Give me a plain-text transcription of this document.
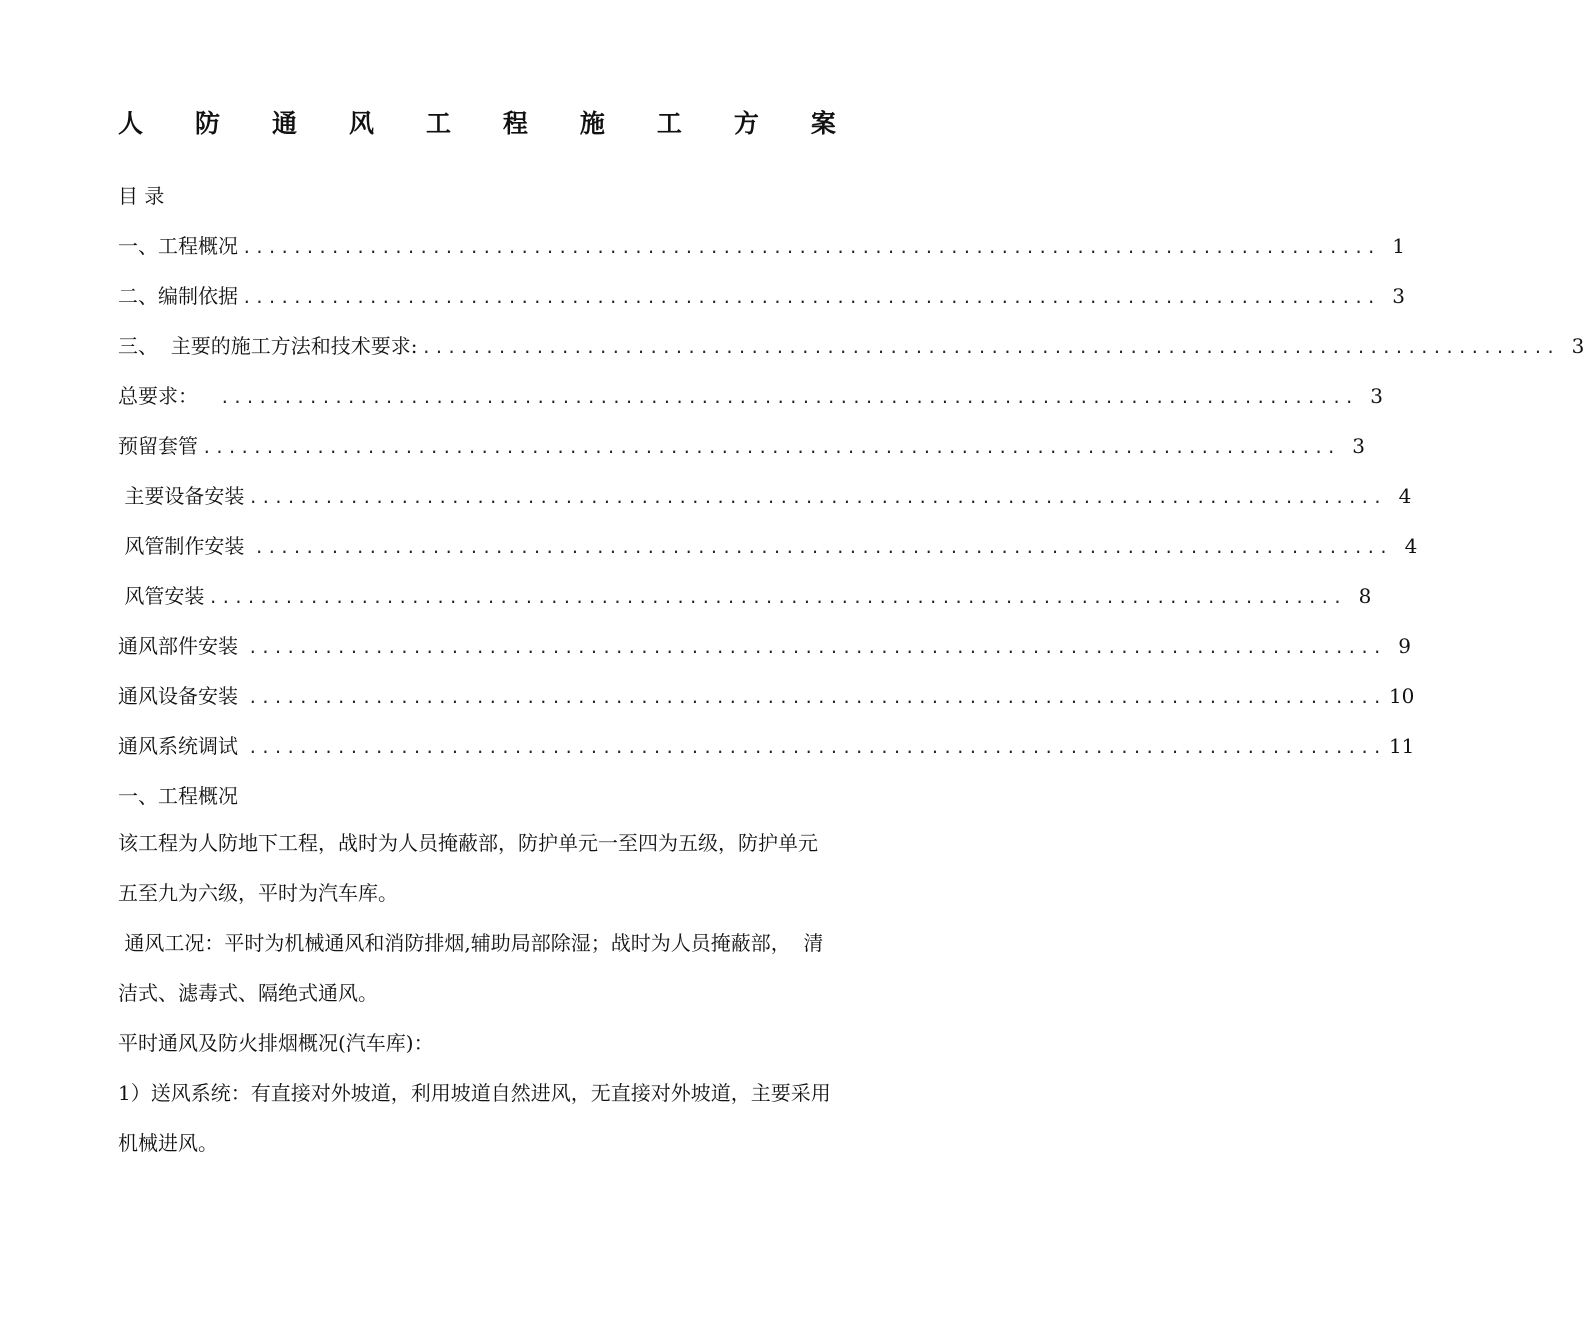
人 防 通 风 工 程 施 工 方 案
目 录
一、工程概况 .......................................................................................... 1
二、编制依据 .......................................................................................... 3
三、  主要的施工方法和技术要求: .......................................................................................... 3
总要求： .......................................................................................... 3
预留套管 .......................................................................................... 3
主要设备安装 .......................................................................................... 4
风管制作安装 .......................................................................................... 4
风管安装 .......................................................................................... 8
通风部件安装 .......................................................................................... 9
通风设备安装 .......................................................................................... 10
通风系统调试 .......................................................................................... 11
一、工程概况

该工程为人防地下工程，战时为人员掩蔽部，防护单元一至四为五级，防护单元五至九为六级，平时为汽车库。

通风工况：平时为机械通风和消防排烟,辅助局部除湿；战时为人员掩蔽部，  清洁式、滤毒式、隔绝式通风。

平时通风及防火排烟概况(汽车库)：

1）送风系统：有直接对外坡道，利用坡道自然进风，无直接对外坡道，主要采用机械进风。
